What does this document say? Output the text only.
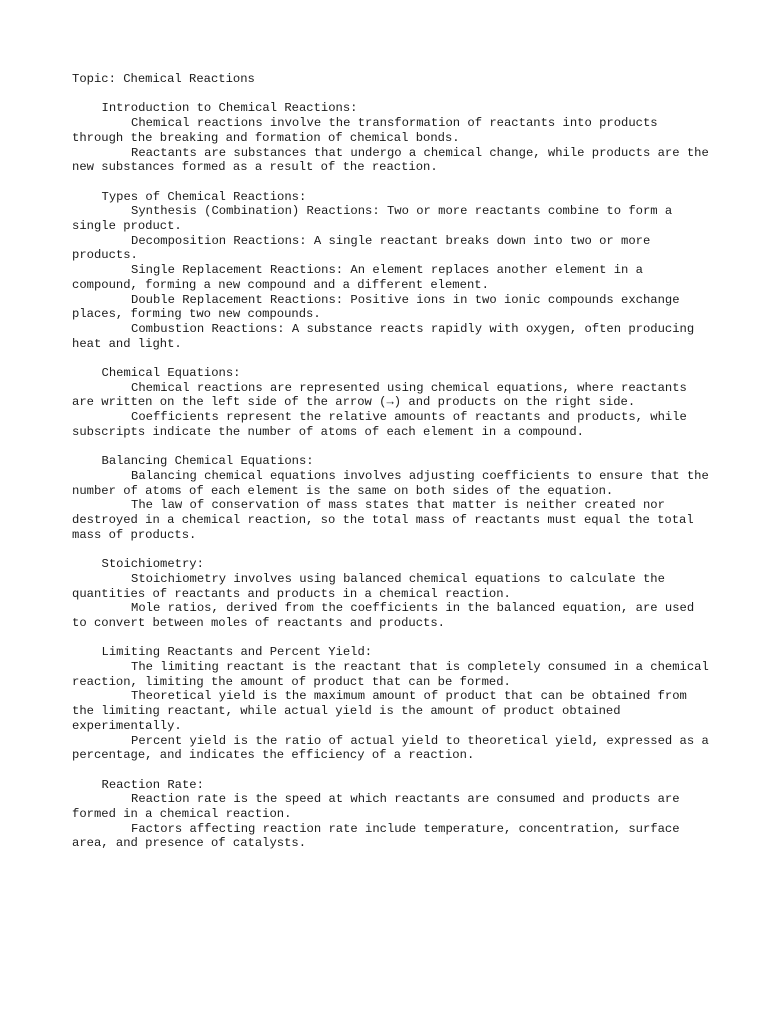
Topic: Chemical Reactions

Introduction to Chemical Reactions:

Chemical reactions involve the transformation of reactants into products through the breaking and formation of chemical bonds.

Reactants are substances that undergo a chemical change, while products are the new substances formed as a result of the reaction.

Types of Chemical Reactions:

Synthesis (Combination) Reactions: Two or more reactants combine to form a single product.

Decomposition Reactions: A single reactant breaks down into two or more products.

Single Replacement Reactions: An element replaces another element in a compound, forming a new compound and a different element.

Double Replacement Reactions: Positive ions in two ionic compounds exchange places, forming two new compounds.

Combustion Reactions: A substance reacts rapidly with oxygen, often producing heat and light.

Chemical Equations:

Chemical reactions are represented using chemical equations, where reactants are written on the left side of the arrow (→) and products on the right side.

Coefficients represent the relative amounts of reactants and products, while subscripts indicate the number of atoms of each element in a compound.

Balancing Chemical Equations:

Balancing chemical equations involves adjusting coefficients to ensure that the number of atoms of each element is the same on both sides of the equation.

The law of conservation of mass states that matter is neither created nor destroyed in a chemical reaction, so the total mass of reactants must equal the total mass of products.

Stoichiometry:

Stoichiometry involves using balanced chemical equations to calculate the quantities of reactants and products in a chemical reaction.

Mole ratios, derived from the coefficients in the balanced equation, are used to convert between moles of reactants and products.

Limiting Reactants and Percent Yield:

The limiting reactant is the reactant that is completely consumed in a chemical reaction, limiting the amount of product that can be formed.

Theoretical yield is the maximum amount of product that can be obtained from the limiting reactant, while actual yield is the amount of product obtained experimentally.

Percent yield is the ratio of actual yield to theoretical yield, expressed as a percentage, and indicates the efficiency of a reaction.

Reaction Rate:

Reaction rate is the speed at which reactants are consumed and products are formed in a chemical reaction.

Factors affecting reaction rate include temperature, concentration, surface area, and presence of catalysts.
